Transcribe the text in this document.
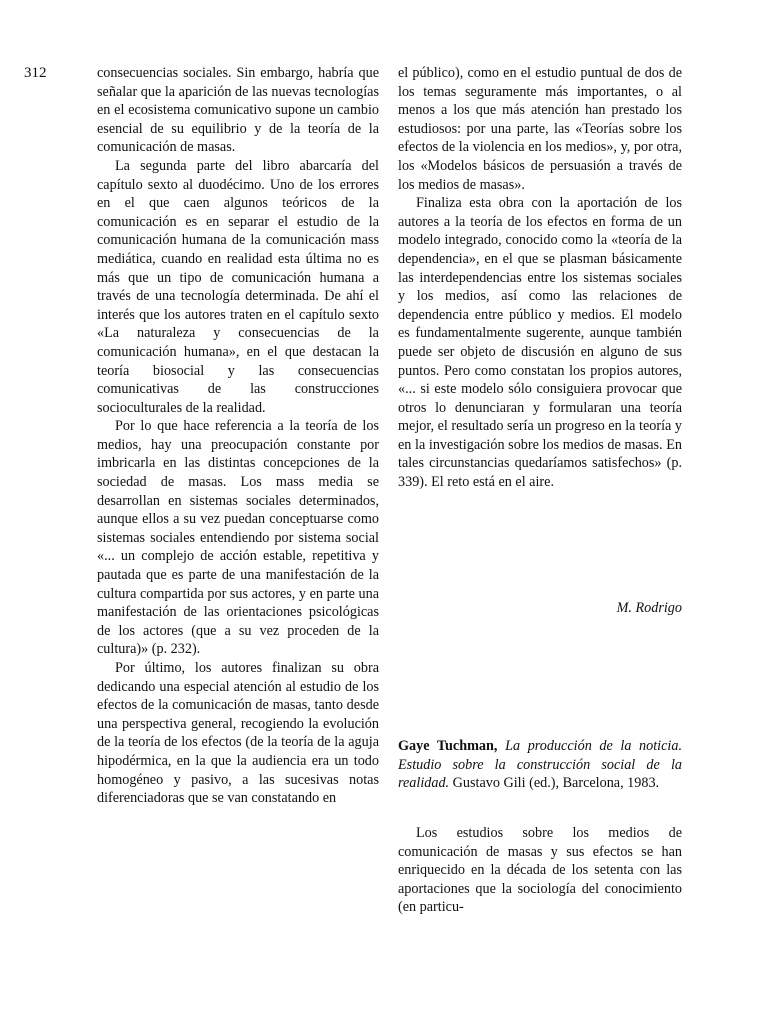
312	consecuencias sociales. Sin embargo, habría que señalar que la aparición de las nuevas tecnologías en el ecosistema comunicativo supone un cambio esencial de su equilibrio y de la teoría de la comunicación de masas.

La segunda parte del libro abarcaría del capítulo sexto al duodécimo. Uno de los errores en el que caen algunos teóricos de la comunicación es en separar el estudio de la comunicación humana de la comunicación mass mediática, cuando en realidad esta última no es más que un tipo de comunicación humana a través de una tecnología determinada. De ahí el interés que los autores traten en el capítulo sexto «La naturaleza y consecuencias de la comunicación humana», en el que destacan la teoría biosocial y las consecuencias comunicativas de las construcciones socioculturales de la realidad.

Por lo que hace referencia a la teoría de los medios, hay una preocupación constante por imbricarla en las distintas concepciones de la sociedad de masas. Los mass media se desarrollan en sistemas sociales determinados, aunque ellos a su vez puedan conceptuarse como sistemas sociales entendiendo por sistema social «... un complejo de acción estable, repetitiva y pautada que es parte de una manifestación de la cultura compartida por sus actores, y en parte una manifestación de las orientaciones psicológicas de los actores (que a su vez proceden de la cultura)» (p. 232).

Por último, los autores finalizan su obra dedicando una especial atención al estudio de los efectos de la comunicación de masas, tanto desde una perspectiva general, recogiendo la evolución de la teoría de los efectos (de la teoría de la aguja hipodérmica, en la que la audiencia era un todo homogéneo y pasivo, a las sucesivas notas diferenciadoras que se van constatando en

el público), como en el estudio puntual de dos de los temas seguramente más importantes, o al menos a los que más atención han prestado los estudiosos: por una parte, las «Teorías sobre los efectos de la violencia en los medios», y, por otra, los «Modelos básicos de persuasión a través de los medios de masas».

Finaliza esta obra con la aportación de los autores a la teoría de los efectos en forma de un modelo integrado, conocido como la «teoría de la dependencia», en el que se plasman básicamente las interdependencias entre los sistemas sociales y los medios, así como las relaciones de dependencia entre público y medios. El modelo es fundamentalmente sugerente, aunque también puede ser objeto de discusión en alguno de sus puntos. Pero como constatan los propios autores, «... si este modelo sólo consiguiera provocar que otros lo denunciaran y formularan una teoría mejor, el resultado sería un progreso en la teoría y en la investigación sobre los medios de masas. En tales circunstancias quedaríamos satisfechos» (p. 339). El reto está en el aire.

M. Rodrigo
Gaye Tuchman, La producción de la noticia. Estudio sobre la construcción social de la realidad. Gustavo Gili (ed.), Barcelona, 1983.

Los estudios sobre los medios de comunicación de masas y sus efectos se han enriquecido en la década de los setenta con las aportaciones que la sociología del conocimiento (en particu-
